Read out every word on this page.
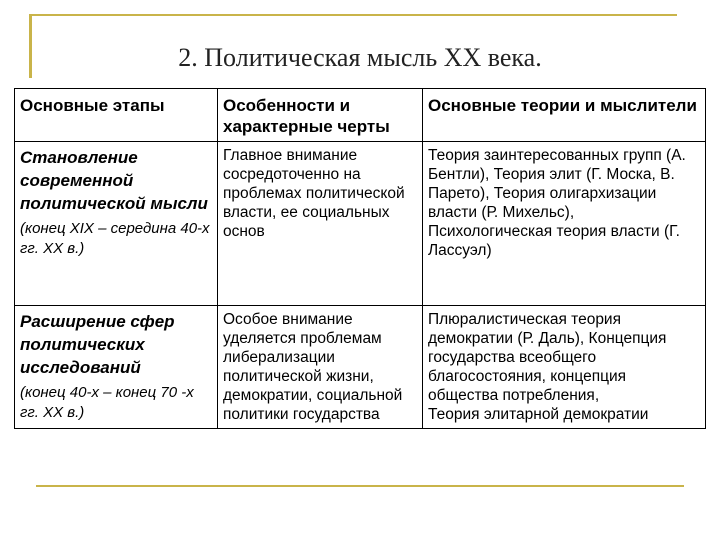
2. Политическая мысль XX века.
Основные этапы	Особенности и характерные черты	Основные теории и мыслители

Становление современной политической мысли
(конец XIX – середина 40-х гг. XX в.)	Главное внимание сосредоточенно на проблемах политической власти, ее социальных основ	Теория заинтересованных групп (А. Бентли), Теория элит (Г. Моска, В. Парето), Теория олигархизации власти (Р. Михельс),
Психологическая теория власти (Г. Лассуэл)

Расширение сфер политических исследований
(конец 40-х – конец 70 -х гг. XX в.)	Особое внимание уделяется проблемам либерализации политической жизни, демократии, социальной политики государства	Плюралистическая теория демократии (Р. Даль), Концепция государства всеобщего благосостояния, концепция общества потребления,
Теория элитарной демократии
